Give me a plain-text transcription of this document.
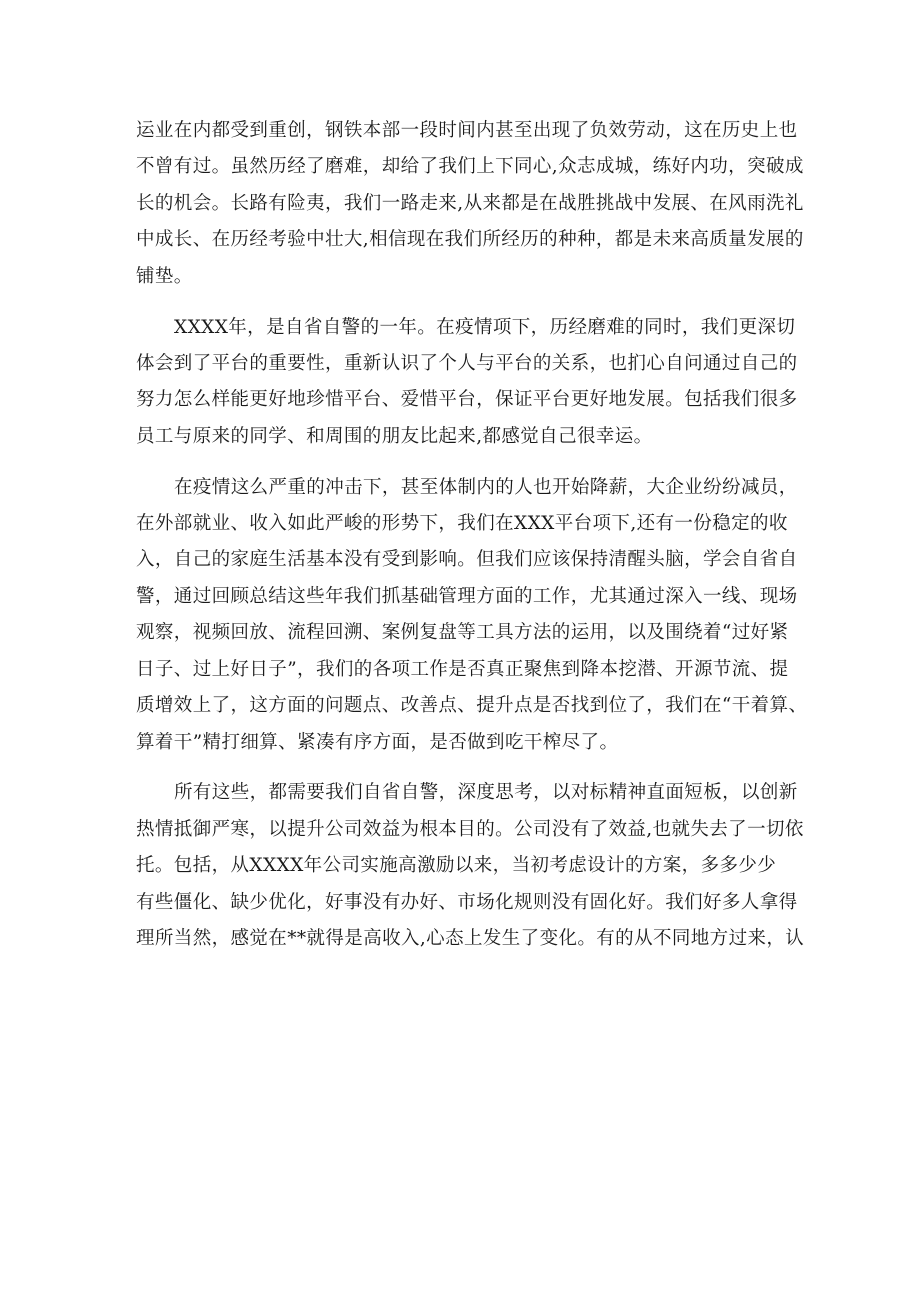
运业在内都受到重创，钢铁本部一段时间内甚至出现了负效劳动，这在历史上也
不曾有过。虽然历经了磨难，却给了我们上下同心,众志成城，练好内功，突破成
长的机会。长路有险夷，我们一路走来,从来都是在战胜挑战中发展、在风雨洗礼
中成长、在历经考验中壮大,相信现在我们所经历的种种，都是未来高质量发展的
铺垫。

XXXX年，是自省自警的一年。在疫情项下，历经磨难的同时，我们更深切
体会到了平台的重要性，重新认识了个人与平台的关系，也扪心自问通过自己的
努力怎么样能更好地珍惜平台、爱惜平台，保证平台更好地发展。包括我们很多
员工与原来的同学、和周围的朋友比起来,都感觉自己很幸运。

在疫情这么严重的冲击下，甚至体制内的人也开始降薪，大企业纷纷减员，
在外部就业、收入如此严峻的形势下，我们在XXX平台项下,还有一份稳定的收
入，自己的家庭生活基本没有受到影响。但我们应该保持清醒头脑，学会自省自
警，通过回顾总结这些年我们抓基础管理方面的工作，尤其通过深入一线、现场
观察，视频回放、流程回溯、案例复盘等工具方法的运用，以及围绕着“过好紧
日子、过上好日子”，我们的各项工作是否真正聚焦到降本挖潜、开源节流、提
质增效上了，这方面的问题点、改善点、提升点是否找到位了，我们在“干着算、
算着干”精打细算、紧凑有序方面，是否做到吃干榨尽了。

所有这些，都需要我们自省自警，深度思考，以对标精神直面短板，以创新
热情抵御严寒，以提升公司效益为根本目的。公司没有了效益,也就失去了一切依
托。包括，从XXXX年公司实施高激励以来，当初考虑设计的方案，多多少少
有些僵化、缺少优化，好事没有办好、市场化规则没有固化好。我们好多人拿得
理所当然，感觉在**就得是高收入,心态上发生了变化。有的从不同地方过来，认
